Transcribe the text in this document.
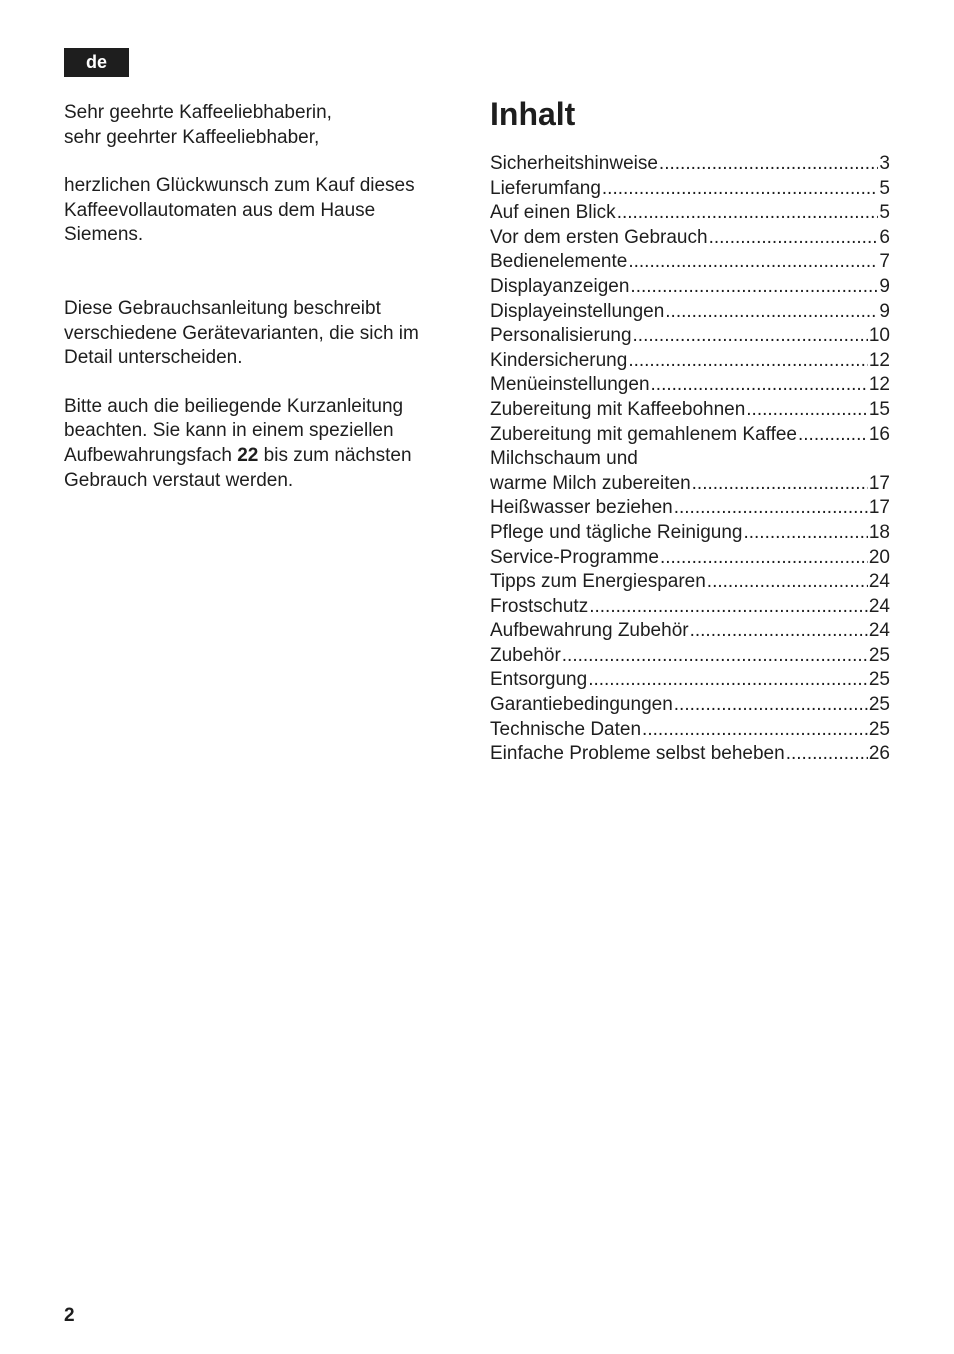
de

Sehr geehrte Kaffeeliebhaberin,
sehr geehrter Kaffeeliebhaber,

herzlichen Glückwunsch zum Kauf dieses
Kaffeevollautomaten aus dem Hause
Siemens.

Diese Gebrauchsanleitung beschreibt
verschiedene Gerätevarianten, die sich im
Detail unterscheiden.

Bitte auch die beiliegende Kurzanleitung
beachten. Sie kann in einem speziellen
Aufbewahrungsfach 22 bis zum nächsten
Gebrauch verstaut werden.

Inhalt
Sicherheitshinweise .....	3
Lieferumfang .....	5
Auf einen Blick .....	5
Vor dem ersten Gebrauch .....	6
Bedienelemente .....	7
Displayanzeigen .....	9
Displayeinstellungen .....	9
Personalisierung .....	10
Kindersicherung .....	12
Menüeinstellungen .....	12
Zubereitung mit Kaffeebohnen .....	15
Zubereitung mit gemahlenem Kaffee .....	16
Milchschaum und
warme Milch zubereiten .....	17
Heißwasser beziehen .....	17
Pflege und tägliche Reinigung .....	18
Service-Programme .....	20
Tipps zum Energiesparen .....	24
Frostschutz .....	24
Aufbewahrung Zubehör .....	24
Zubehör .....	25
Entsorgung .....	25
Garantiebedingungen .....	25
Technische Daten .....	25
Einfache Probleme selbst beheben .....	26
2
